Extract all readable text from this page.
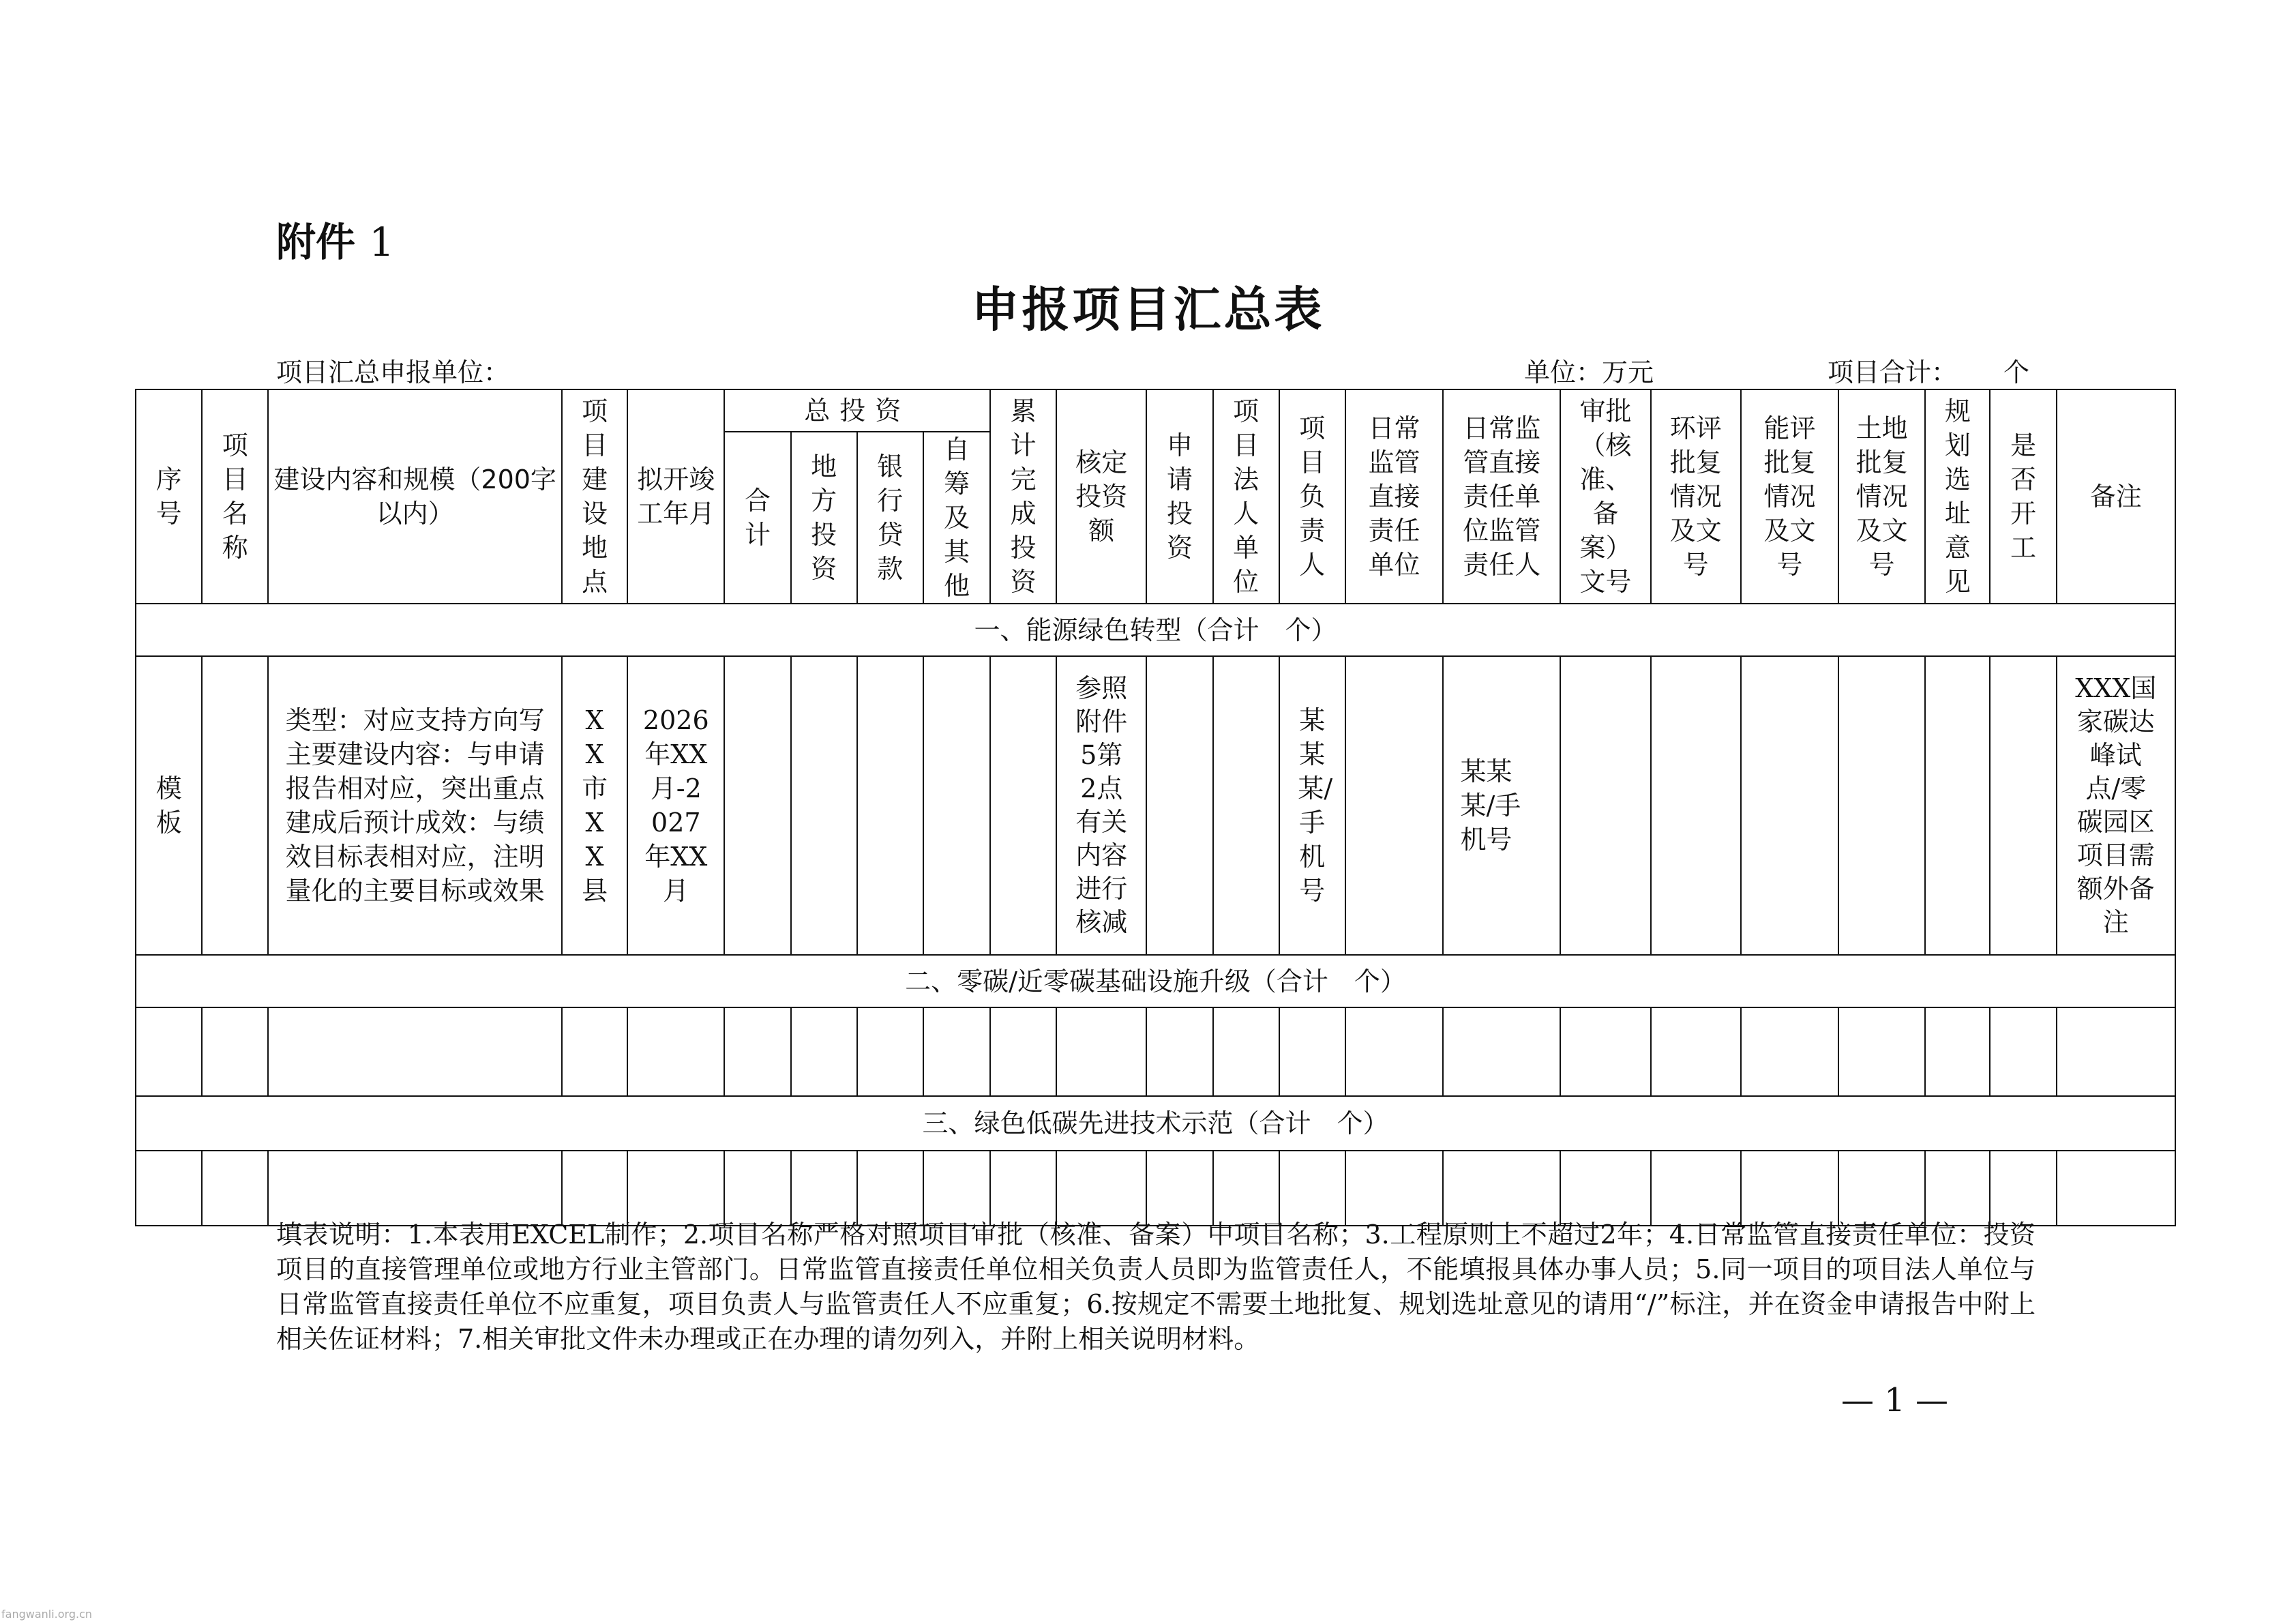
附件 1
申报项目汇总表
项目汇总申报单位：	单位：万元	项目合计： 个
序号	项目名称	建设内容和规模（200字以内）	项目建设地点	拟开竣工年月	总投资				累计完成投资	核定投资额	申请投资	项目法人单位	项目负责人	日常监管直接责任单位	日常监管直接责任单位监管责任人	审批（核准、备案）文号	环评批复情况及文号	能评批复情况及文号	土地批复情况及文号	规划选址意见	是否开工	备注
					合计	地方投资	银行贷款	自筹及其他														
一、能源绿色转型（合计　个）																						
模板		类型：对应支持方向写
主要建设内容：与申请报告相对应，突出重点
建成后预计成效：与绩效目标表相对应，注明量化的主要目标或效果	XX市XX县	2026年XX月-2027年XX月						参照附件5第2点有关内容进行核减			某某某/手机号		某某某/手 机号							XXX国家碳达峰试点/零碳园区项目需额外备注
二、零碳/近零碳基础设施升级（合计　个）																						

三、绿色低碳先进技术示范（合计　个）																						

填表说明：1.本表用EXCEL制作；2.项目名称严格对照项目审批（核准、备案）中项目名称；3.工程原则上不超过2年；4.日常监管直接责任单位：投资项目的直接管理单位或地方行业主管部门。日常监管直接责任单位相关负责人员即为监管责任人，不能填报具体办事人员；5.同一项目的项目法人单位与日常监管直接责任单位不应重复，项目负责人与监管责任人不应重复；6.按规定不需要土地批复、规划选址意见的请用“/”标注，并在资金申请报告中附上相关佐证材料；7.相关审批文件未办理或正在办理的请勿列入，并附上相关说明材料。
— 1 —
fangwanli.org.cn
